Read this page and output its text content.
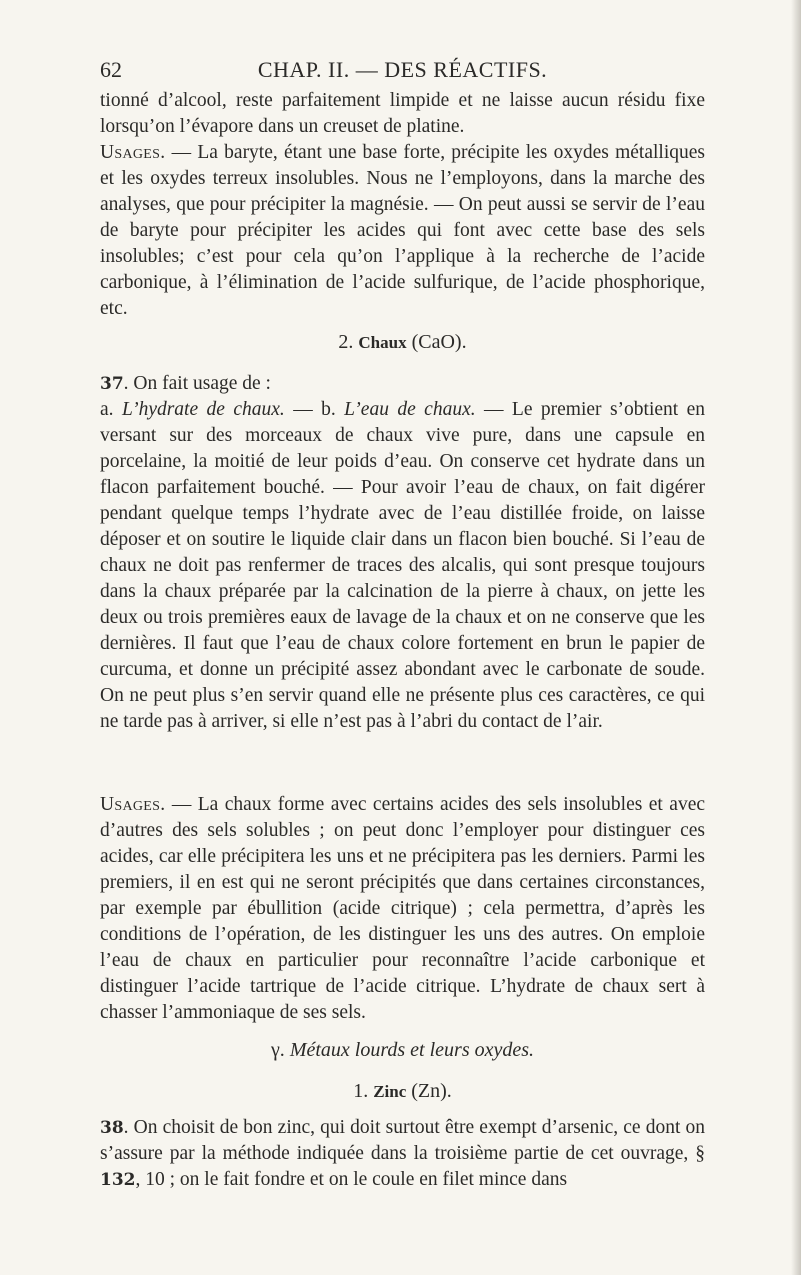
62	CHAP. II. — DES RÉACTIFS.

tionné d’alcool, reste parfaitement limpide et ne laisse aucun résidu fixe lorsqu’on l’évapore dans un creuset de platine.

Usages. — La baryte, étant une base forte, précipite les oxydes métalliques et les oxydes terreux insolubles. Nous ne l’employons, dans la marche des analyses, que pour précipiter la magnésie. — On peut aussi se servir de l’eau de baryte pour précipiter les acides qui font avec cette base des sels insolubles; c’est pour cela qu’on l’applique à la recherche de l’acide carbonique, à l’élimination de l’acide sulfurique, de l’acide phosphorique, etc.

2. Chaux (CaO).

37. On fait usage de :
a. L’hydrate de chaux. — b. L’eau de chaux. — Le premier s’obtient en versant sur des morceaux de chaux vive pure, dans une capsule en porcelaine, la moitié de leur poids d’eau. On conserve cet hydrate dans un flacon parfaitement bouché. — Pour avoir l’eau de chaux, on fait digérer pendant quelque temps l’hydrate avec de l’eau distillée froide, on laisse déposer et on soutire le liquide clair dans un flacon bien bouché. Si l’eau de chaux ne doit pas renfermer de traces des alcalis, qui sont presque toujours dans la chaux préparée par la calcination de la pierre à chaux, on jette les deux ou trois premières eaux de lavage de la chaux et on ne conserve que les dernières. Il faut que l’eau de chaux colore fortement en brun le papier de curcuma, et donne un précipité assez abondant avec le carbonate de soude. On ne peut plus s’en servir quand elle ne présente plus ces caractères, ce qui ne tarde pas à arriver, si elle n’est pas à l’abri du contact de l’air.

Usages. — La chaux forme avec certains acides des sels insolubles et avec d’autres des sels solubles ; on peut donc l’employer pour distinguer ces acides, car elle précipitera les uns et ne précipitera pas les derniers. Parmi les premiers, il en est qui ne seront précipités que dans certaines circonstances, par exemple par ébullition (acide citrique) ; cela permettra, d’après les conditions de l’opération, de les distinguer les uns des autres. On emploie l’eau de chaux en particulier pour reconnaître l’acide carbonique et distinguer l’acide tartrique de l’acide citrique. L’hydrate de chaux sert à chasser l’ammoniaque de ses sels.

γ. Métaux lourds et leurs oxydes.
1. Zinc (Zn).

38. On choisit de bon zinc, qui doit surtout être exempt d’arsenic, ce dont on s’assure par la méthode indiquée dans la troisième partie de cet ouvrage, § 132, 10 ; on le fait fondre et on le coule en filet mince dans
